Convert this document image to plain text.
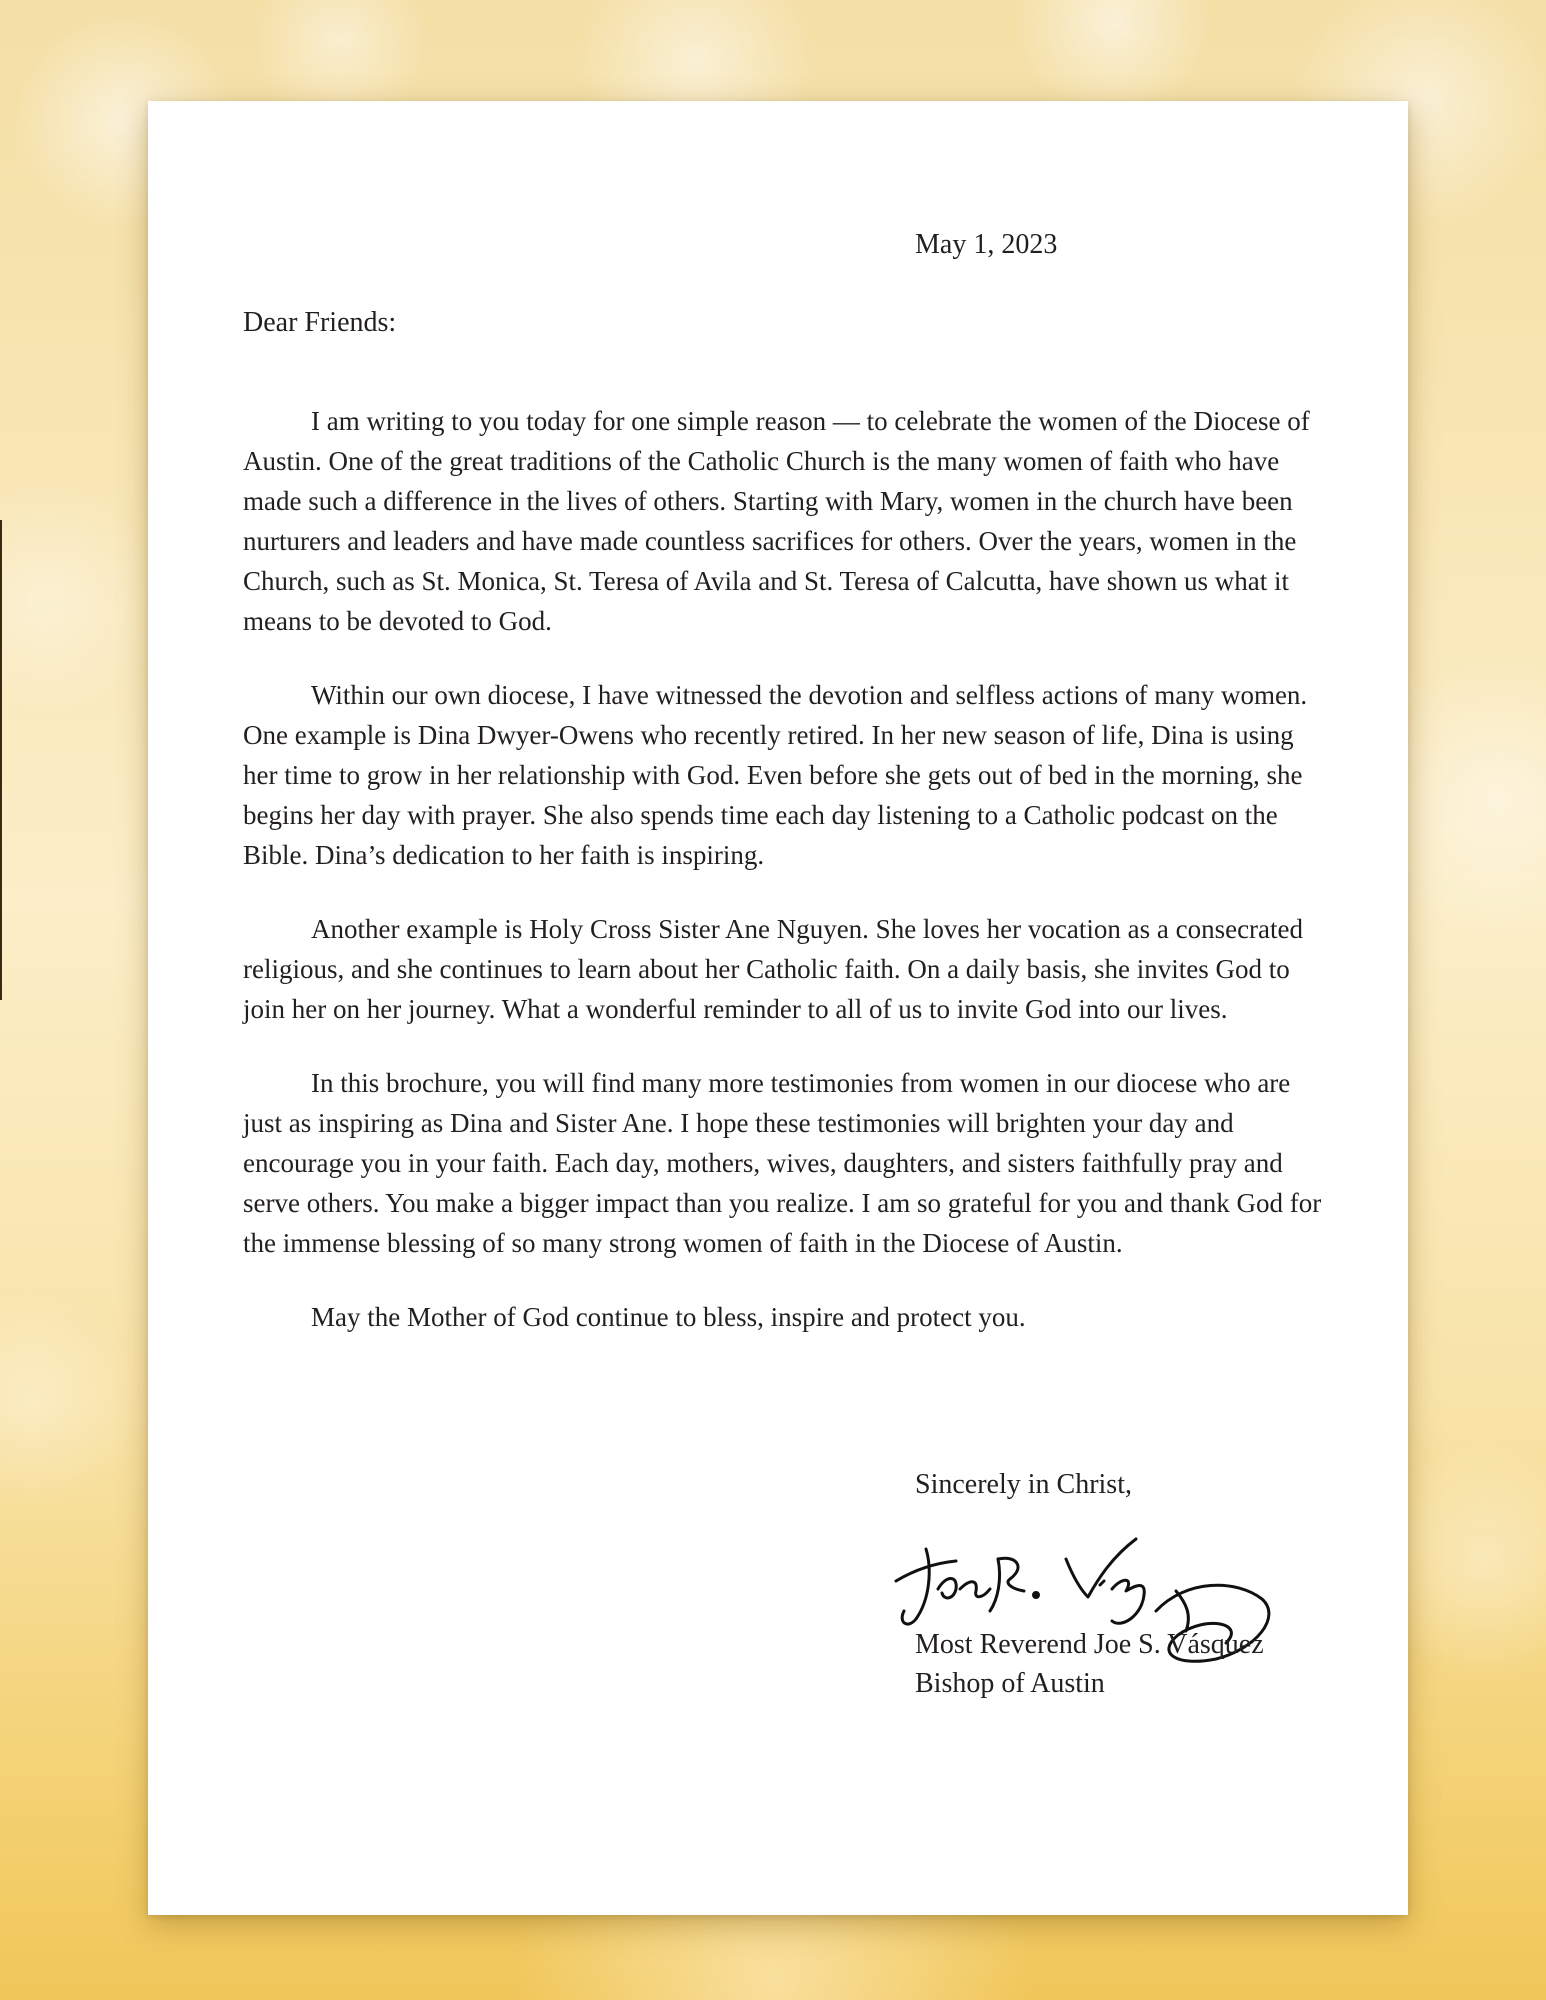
May 1, 2023
Dear Friends:

I am writing to you today for one simple reason — to celebrate the women of the Diocese of Austin. One of the great traditions of the Catholic Church is the many women of faith who have made such a difference in the lives of others. Starting with Mary, women in the church have been nurturers and leaders and have made countless sacrifices for others. Over the years, women in the Church, such as St. Monica, St. Teresa of Avila and St. Teresa of Calcutta, have shown us what it means to be devoted to God.

Within our own diocese, I have witnessed the devotion and selfless actions of many women. One example is Dina Dwyer-Owens who recently retired. In her new season of life, Dina is using her time to grow in her relationship with God. Even before she gets out of bed in the morning, she begins her day with prayer. She also spends time each day listening to a Catholic podcast on the Bible. Dina’s dedication to her faith is inspiring.

Another example is Holy Cross Sister Ane Nguyen. She loves her vocation as a consecrated religious, and she continues to learn about her Catholic faith. On a daily basis, she invites God to join her on her journey. What a wonderful reminder to all of us to invite God into our lives.

In this brochure, you will find many more testimonies from women in our diocese who are just as inspiring as Dina and Sister Ane. I hope these testimonies will brighten your day and encourage you in your faith. Each day, mothers, wives, daughters, and sisters faithfully pray and serve others. You make a bigger impact than you realize. I am so grateful for you and thank God for the immense blessing of so many strong women of faith in the Diocese of Austin.

May the Mother of God continue to bless, inspire and protect you.

Sincerely in Christ,
Most Reverend Joe S. Vásquez
Bishop of Austin
